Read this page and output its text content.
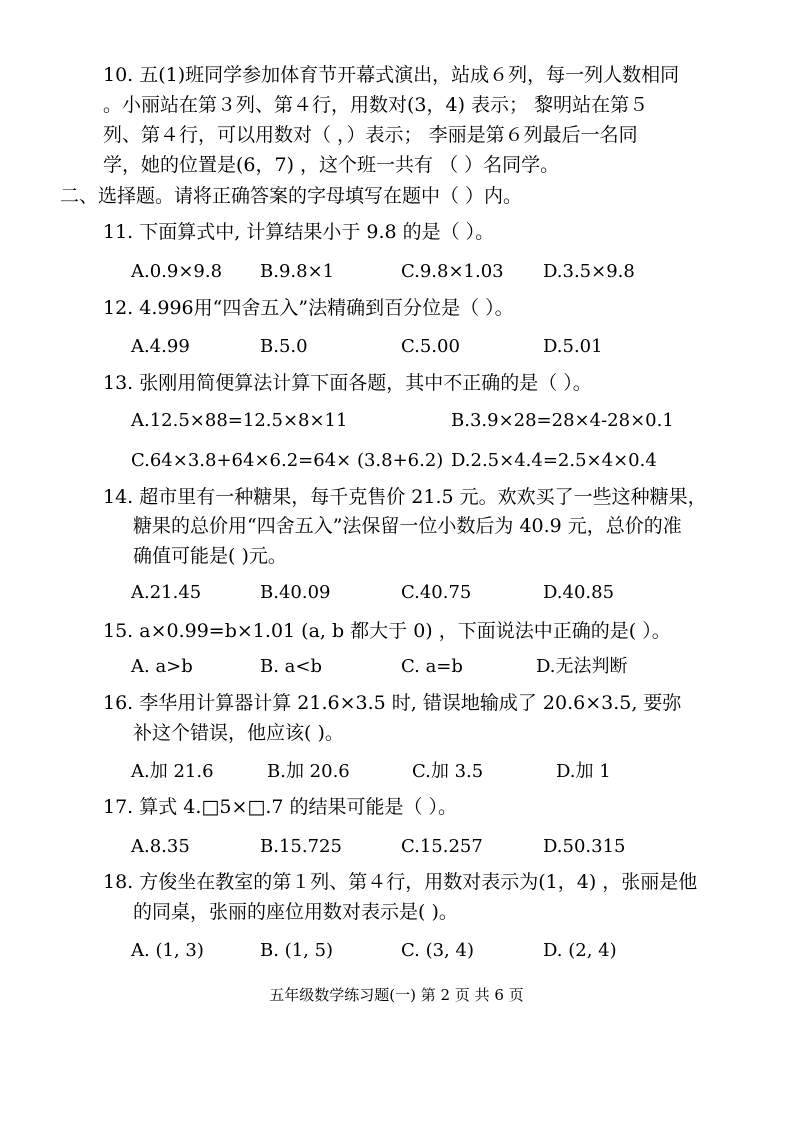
10. 五(1)班同学参加体育节开幕式演出，站成６列，每一列人数相同
。小丽站在第３列、第４行，用数对(3，4) 表示； 黎明站在第５
列、第４行，可以用数对（ ，）表示； 李丽是第６列最后一名同
学，她的位置是(6，7) ，这个班一共有 （ ）名同学。
二、选择题。请将正确答案的字母填写在题中（ ）内。
11. 下面算式中, 计算结果小于 9.8 的是（ ）。
A.0.9×9.8 B.9.8×1	C.9.8×1.03 D.3.5×9.8
12. 4.996用“四舍五入”法精确到百分位是（ ）。
A.4.99	B.5.0	C.5.00	D.5.01
13. 张刚用简便算法计算下面各题，其中不正确的是（ ）。
A.12.5×88=12.5×8×11	B.3.9×28=28×4-28×0.1
C.64×3.8+64×6.2=64× (3.8+6.2) D.2.5×4.4=2.5×4×0.4
14. 超市里有一种糖果，每千克售价 21.5 元。欢欢买了一些这种糖果，
糖果的总价用“四舍五入”法保留一位小数后为 40.9 元，总价的准
确值可能是( )元。
A.21.45	B.40.09	C.40.75	D.40.85
15. a×0.99=b×1.01 (a, b 都大于 0) ，下面说法中正确的是( ）。
A. a>b	B. a<b	C. a=b	D.无法判断
16. 李华用计算器计算 21.6×3.5 时, 错误地输成了 20.6×3.5, 要弥
补这个错误，他应该( )。
A.加 21.6	B.加 20.6	C.加 3.5	D.加 1
17. 算式 4.□5×□.7 的结果可能是（ ）。
A.8.35	B.15.725	C.15.257	D.50.315
18. 方俊坐在教室的第１列、第４行，用数对表示为(1，4) ，张丽是他
的同桌，张丽的座位用数对表示是( )。
A. (1, 3)	B. (1, 5)	C. (3, 4)	D. (2, 4)
五年级数学练习题(一) 第 2 页 共 6 页
